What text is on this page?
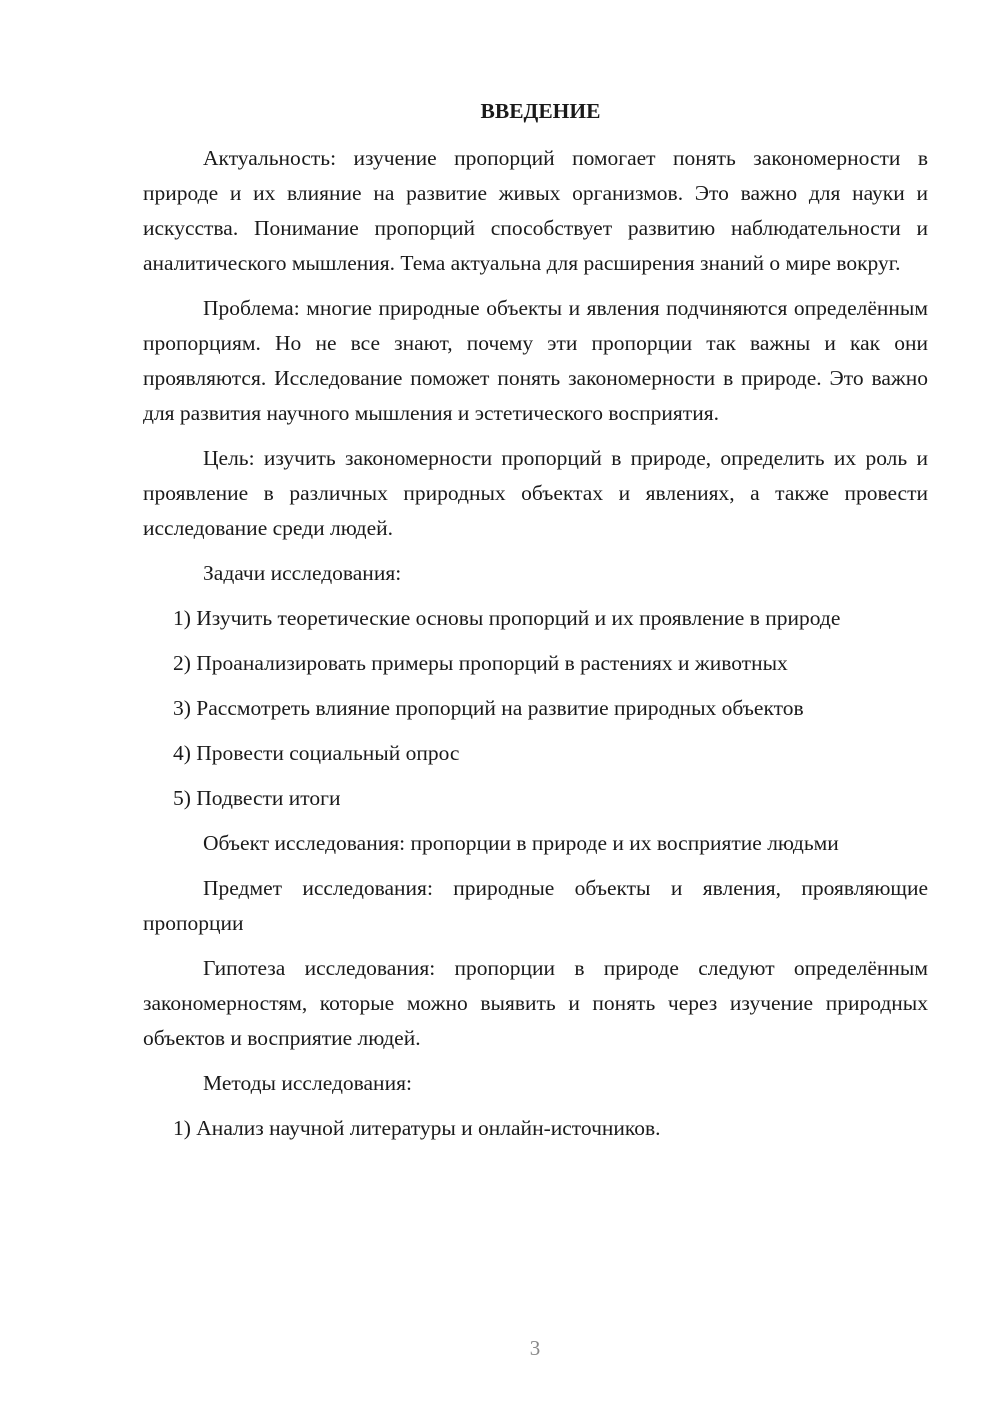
ВВЕДЕНИЕ

Актуальность: изучение пропорций помогает понять закономерности в природе и их влияние на развитие живых организмов. Это важно для науки и искусства. Понимание пропорций способствует развитию наблюдательности и аналитического мышления. Тема актуальна для расширения знаний о мире вокруг.

Проблема: многие природные объекты и явления подчиняются определённым пропорциям. Но не все знают, почему эти пропорции так важны и как они проявляются. Исследование поможет понять закономерности в природе. Это важно для развития научного мышления и эстетического восприятия.

Цель: изучить закономерности пропорций в природе, определить их роль и проявление в различных природных объектах и явлениях, а также провести исследование среди людей.

Задачи исследования:

1) Изучить теоретические основы пропорций и их проявление в природе

2) Проанализировать примеры пропорций в растениях и животных

3) Рассмотреть влияние пропорций на развитие природных объектов

4) Провести социальный опрос

5) Подвести итоги

Объект исследования: пропорции в природе и их восприятие людьми

Предмет исследования: природные объекты и явления, проявляющие пропорции

Гипотеза исследования: пропорции в природе следуют определённым закономерностям, которые можно выявить и понять через изучение природных объектов и восприятие людей.

Методы исследования:

1) Анализ научной литературы и онлайн-источников.

3
